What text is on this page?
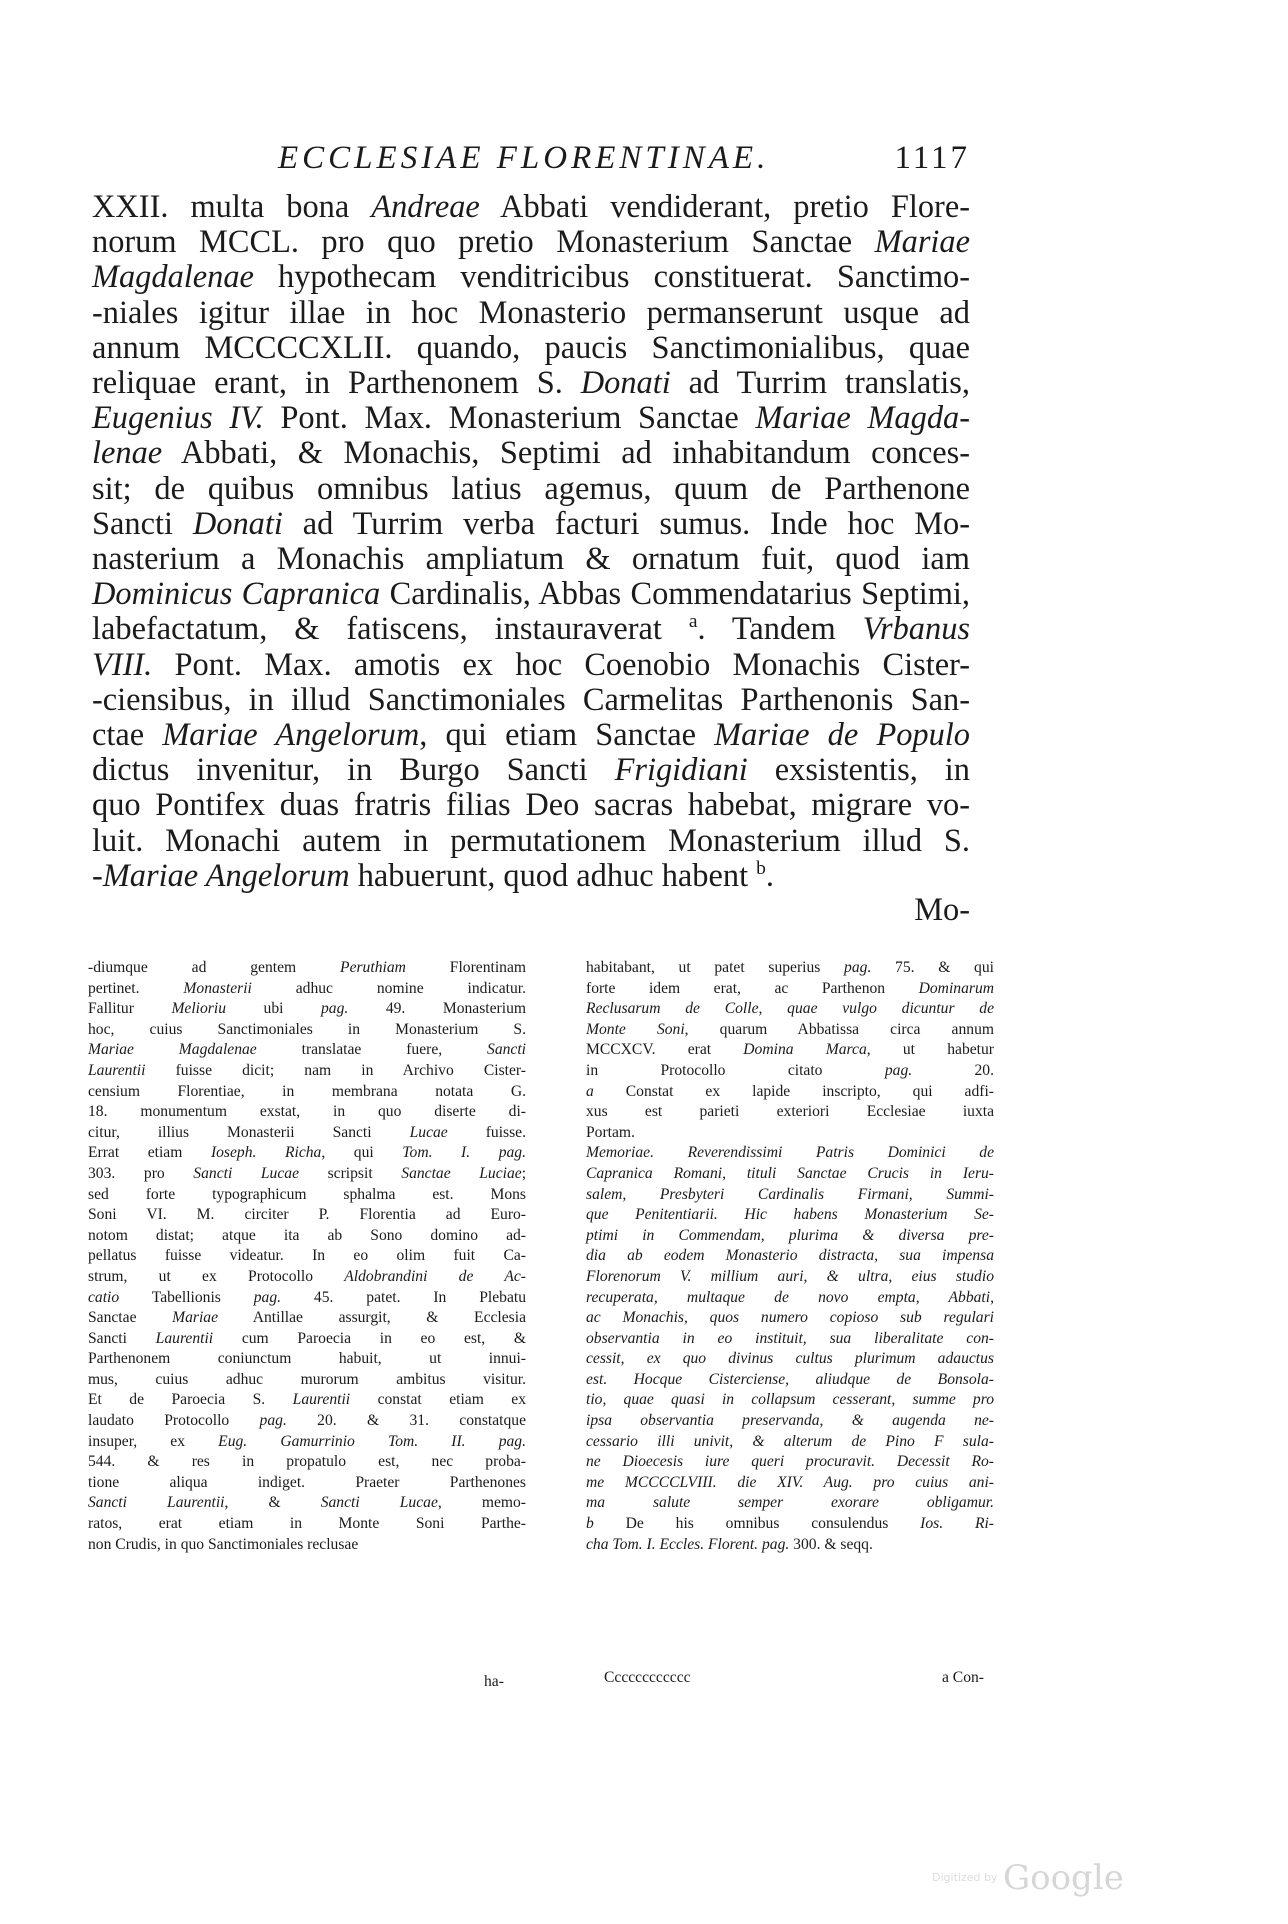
ECCLESIAE FLORENTINAE.	1117
XXII. multa bona Andreae Abbati vendiderant, pretio Flore-
norum MCCL. pro quo pretio Monasterium Sanctae Mariae
Magdalenae hypothecam venditricibus constituerat. Sanctimo-
-niales igitur illae in hoc Monasterio permanserunt usque ad
annum MCCCCXLII. quando, paucis Sanctimonialibus, quae
reliquae erant, in Parthenonem S. Donati ad Turrim translatis,
Eugenius IV. Pont. Max. Monasterium Sanctae Mariae Magda-
lenae Abbati, & Monachis, Septimi ad inhabitandum conces-
sit; de quibus omnibus latius agemus, quum de Parthenone
Sancti Donati ad Turrim verba facturi sumus. Inde hoc Mo-
nasterium a Monachis ampliatum & ornatum fuit, quod iam
Dominicus Capranica Cardinalis, Abbas Commendatarius Septimi,
labefactatum, & fatiscens, instauraverat $^a$. Tandem Vrbanus
VIII. Pont. Max. amotis ex hoc Coenobio Monachis Cister-
-ciensibus, in illud Sanctimoniales Carmelitas Parthenonis San-
ctae Mariae Angelorum, qui etiam Sanctae Mariae de Populo
dictus invenitur, in Burgo Sancti Frigidiani exsistentis, in
quo Pontifex duas fratris filias Deo sacras habebat, migrare vo-
luit. Monachi autem in permutationem Monasterium illud S.
-Mariae Angelorum habuerunt, quod adhuc habent $^b$.
Mo-
-diumque ad gentem Peruthiam Florentinam
pertinet. Monasterii adhuc nomine indicatur.
Fallitur Melioriu ubi pag. 49. Monasterium
hoc, cuius Sanctimoniales in Monasterium S.
Mariae Magdalenae translatae fuere, Sancti
Laurentii fuisse dicit; nam in Archivo Cister-
censium Florentiae, in membrana notata G.
18. monumentum exstat, in quo diserte di-
citur, illius Monasterii Sancti Lucae fuisse.
Errat etiam Ioseph. Richa, qui Tom. I. pag.
303. pro Sancti Lucae scripsit Sanctae Luciae;
sed forte typographicum sphalma est. Mons
Soni VI. M. circiter P. Florentia ad Euro-
notom distat; atque ita ab Sono domino ad-
pellatus fuisse videatur. In eo olim fuit Ca-
strum, ut ex Protocollo Aldobrandini de Ac-
catio Tabellionis pag. 45. patet. In Plebatu
Sanctae Mariae Antillae assurgit, & Ecclesia
Sancti Laurentii cum Paroecia in eo est, &
Parthenonem coniunctum habuit, ut innui-
mus, cuius adhuc murorum ambitus visitur.
Et de Paroecia S. Laurentii constat etiam ex
laudato Protocollo pag. 20. & 31. constatque
insuper, ex Eug. Gamurrinio Tom. II. pag.
544. & res in propatulo est, nec proba-
tione aliqua indiget. Praeter Parthenones
Sancti Laurentii, & Sancti Lucae, memo-
ratos, erat etiam in Monte Soni Parthe-
non Crudis, in quo Sanctimoniales reclusae
ha-
habitabant, ut patet superius pag. 75. & qui
forte idem erat, ac Parthenon Dominarum
Reclusarum de Colle, quae vulgo dicuntur de
Monte Soni, quarum Abbatissa circa annum
MCCXCV. erat Domina Marca, ut habetur
in Protocollo citato pag. 20.
a Constat ex lapide inscripto, qui adfi-
xus est parieti exteriori Ecclesiae iuxta
Portam.
Memoriae. Reverendissimi Patris Dominici de
Capranica Romani, tituli Sanctae Crucis in Ieru-
salem, Presbyteri Cardinalis Firmani, Summi-
que Penitentiarii. Hic habens Monasterium Se-
ptimi in Commendam, plurima & diversa pre-
dia ab eodem Monasterio distracta, sua impensa
Florenorum V. millium auri, & ultra, eius studio
recuperata, multaque de novo empta, Abbati,
ac Monachis, quos numero copioso sub regulari
observantia in eo instituit, sua liberalitate con-
cessit, ex quo divinus cultus plurimum adauctus
est. Hocque Cisterciense, aliudque de Bonsola-
tio, quae quasi in collapsum cesserant, summe pro
ipsa observantia preservanda, & augenda ne-
cessario illi univit, & alterum de Pino F sula-
ne Dioecesis iure queri procuravit. Decessit Ro-
me MCCCCLVIII. die XIV. Aug. pro cuius ani-
ma salute semper exorare obligamur.
b De his omnibus consulendus Ios. Ri-
cha Tom. I. Eccles. Florent. pag. 300. & seqq.
Cccccccccccc	a Con-
Digitized by Google
